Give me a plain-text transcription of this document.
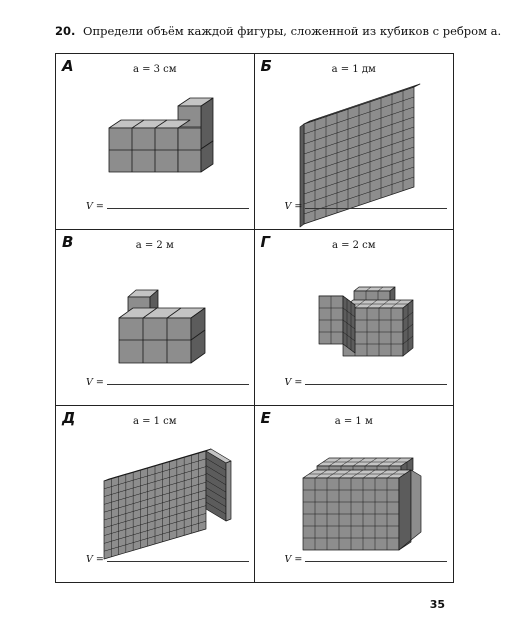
20. Определи объём каждой фигуры, сложенной из кубиков с ребром a.
А	a = 3 см
V =
Б	a = 1 дм
V =
В	a = 2 м
V =
Г	a = 2 см
V =
Д	a = 1 см
V =
Е	a = 1 м
V =
35
